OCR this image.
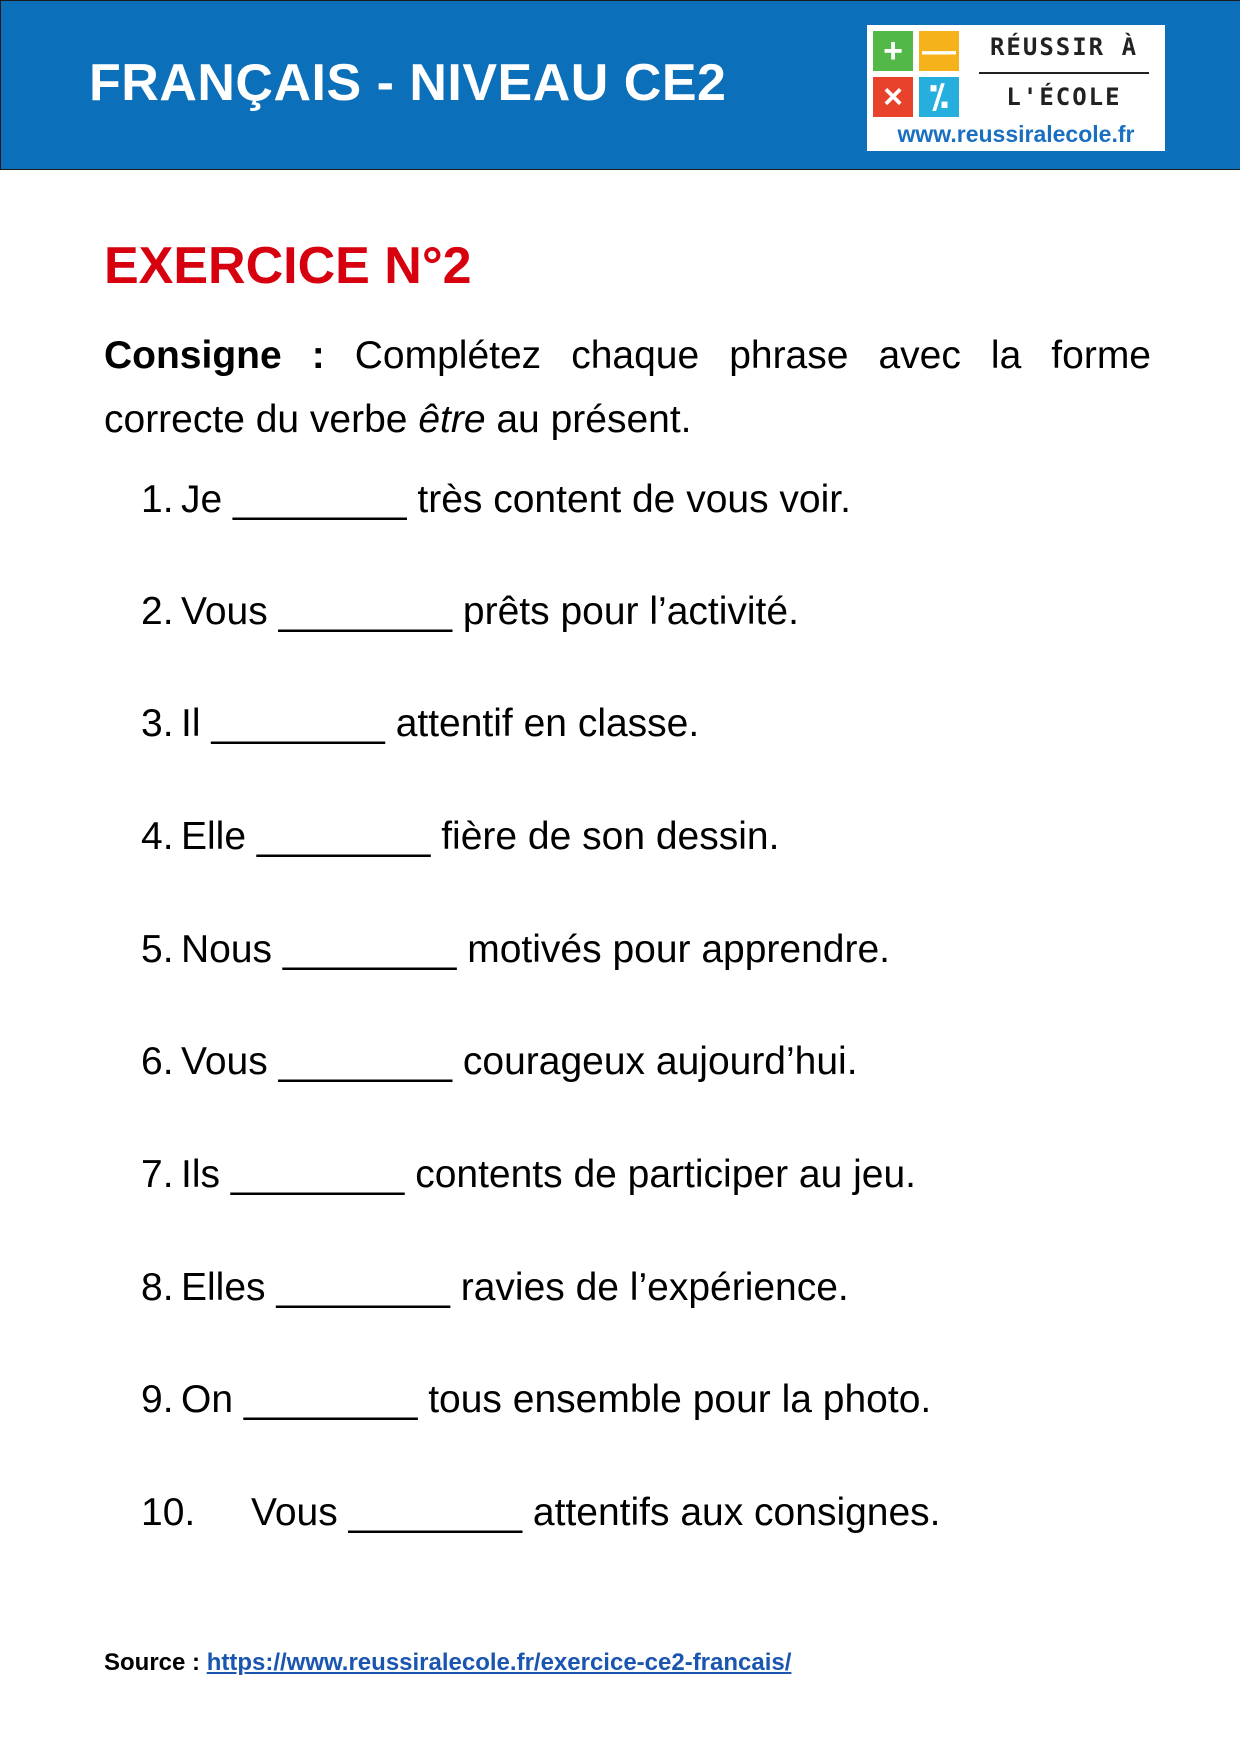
FRANÇAIS - NIVEAU CE2
+ —
× ⁒
RÉUSSIR À
L'ÉCOLE
www.reussiralecole.fr
EXERCICE N°2
Consigne : Complétez chaque phrase avec la forme correcte du verbe être au présent.
1. Je ________ très content de vous voir.
2. Vous ________ prêts pour l’activité.
3. Il ________ attentif en classe.
4. Elle ________ fière de son dessin.
5. Nous ________ motivés pour apprendre.
6. Vous ________ courageux aujourd’hui.
7. Ils ________ contents de participer au jeu.
8. Elles ________ ravies de l’expérience.
9. On ________ tous ensemble pour la photo.
10. Vous ________ attentifs aux consignes.
Source : https://www.reussiralecole.fr/exercice-ce2-francais/
